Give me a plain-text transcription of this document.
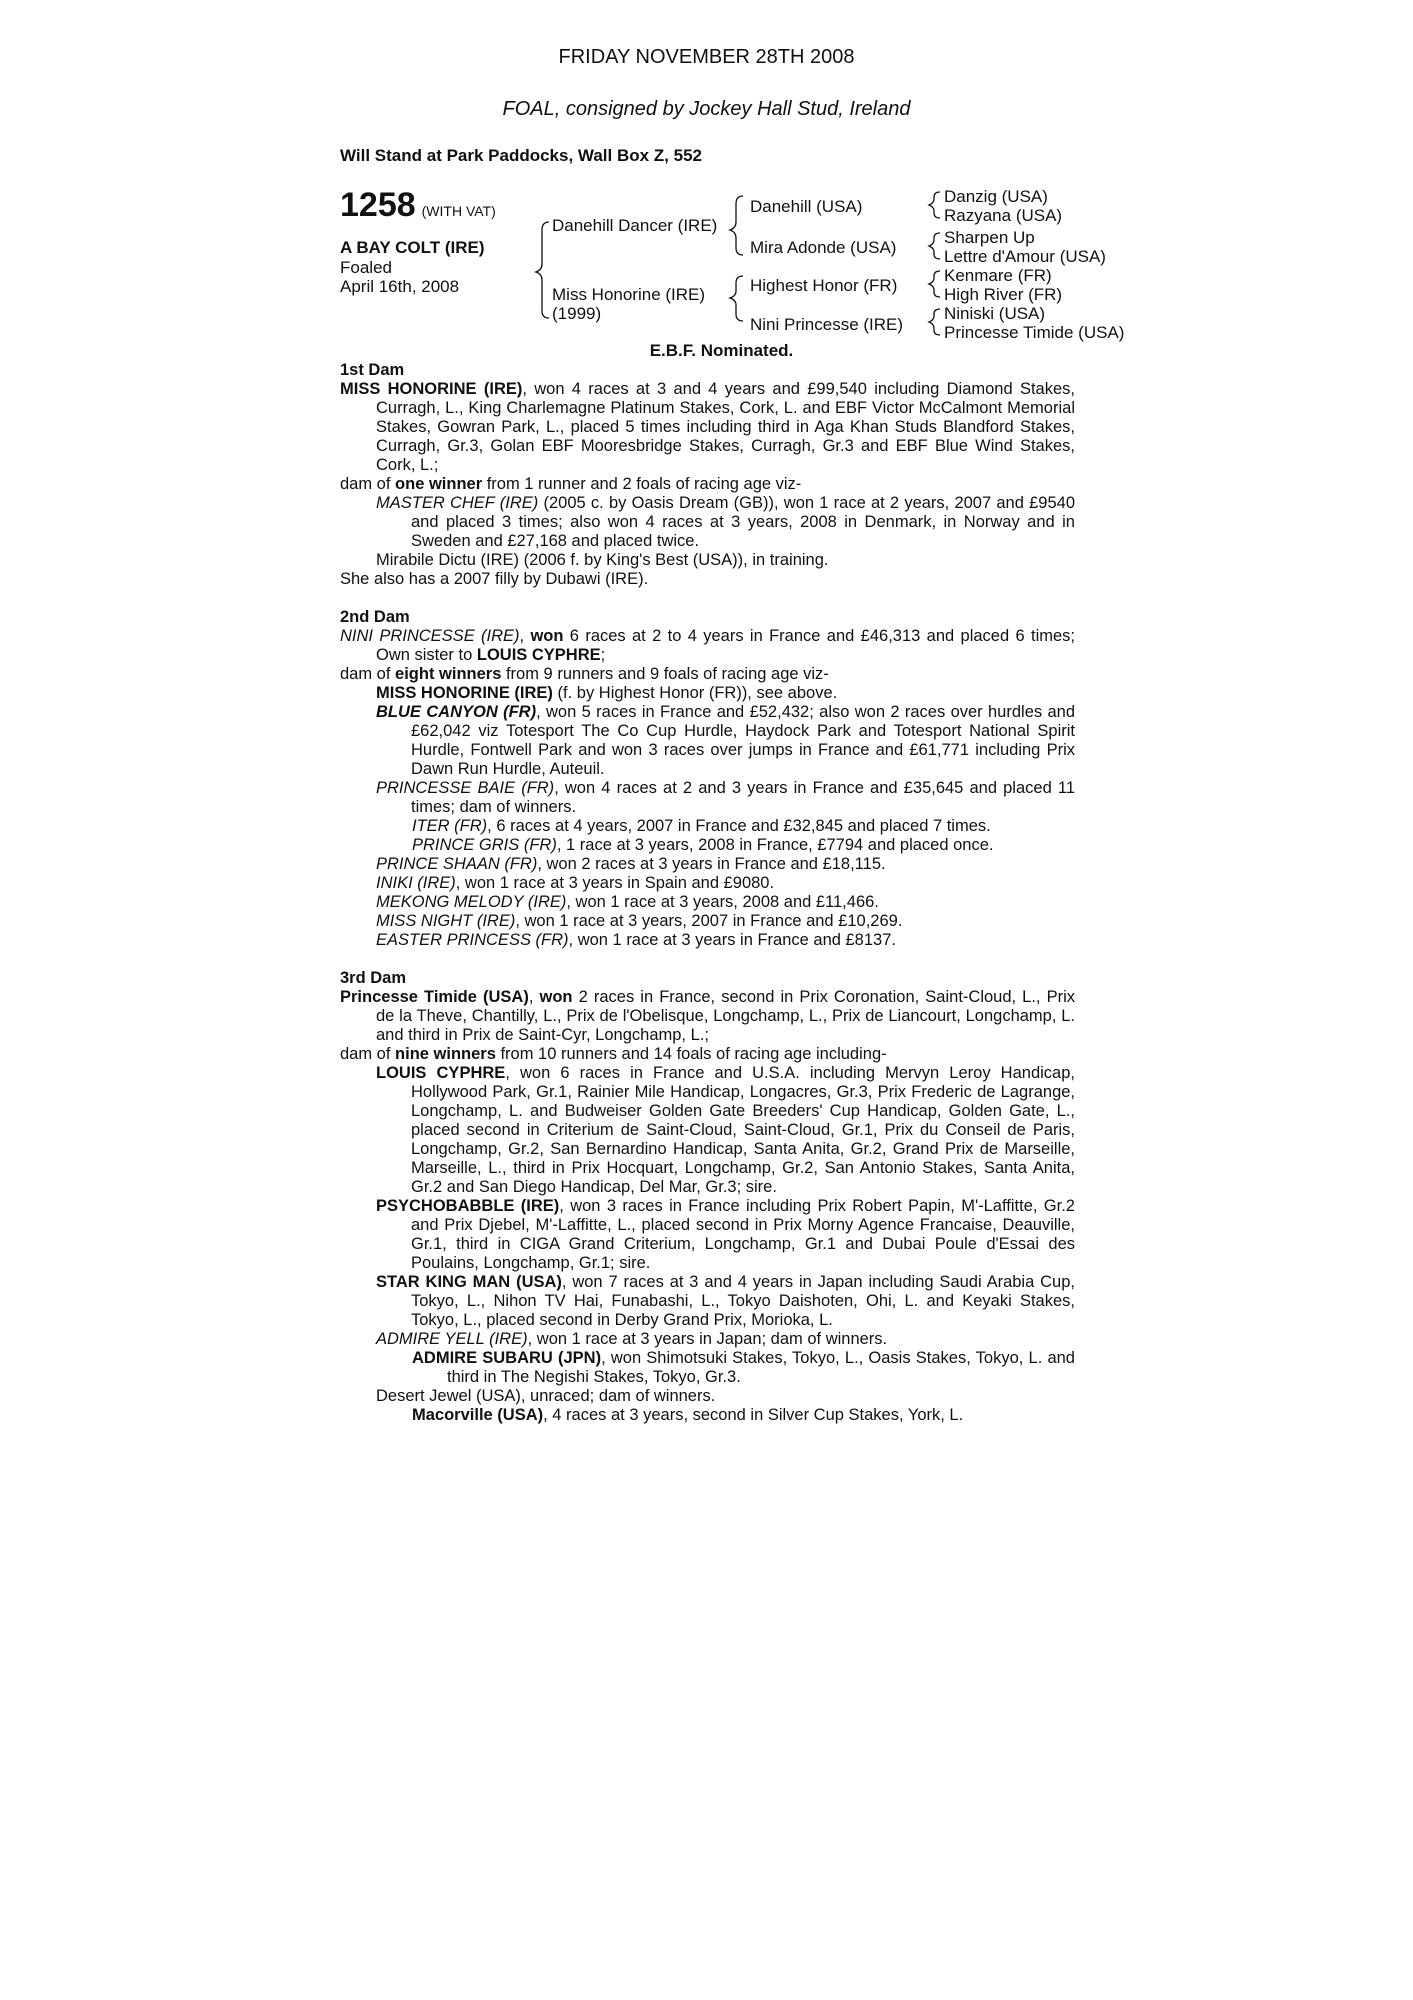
FRIDAY NOVEMBER 28TH 2008
FOAL, consigned by Jockey Hall Stud, Ireland
Will Stand at Park Paddocks, Wall Box Z, 552
1258 (WITH VAT)
A BAY COLT (IRE)
Foaled
April 16th, 2008
Danehill Dancer (IRE)
Miss Honorine (IRE)
(1999)
Danehill (USA)
Mira Adonde (USA)
Highest Honor (FR)
Nini Princesse (IRE)
Danzig (USA)
Razyana (USA)
Sharpen Up
Lettre d'Amour (USA)
Kenmare (FR)
High River (FR)
Niniski (USA)
Princesse Timide (USA)
E.B.F. Nominated.
1st Dam
MISS HONORINE (IRE), won 4 races at 3 and 4 years and £99,540 including Diamond Stakes, Curragh, L., King Charlemagne Platinum Stakes, Cork, L. and EBF Victor McCalmont Memorial Stakes, Gowran Park, L., placed 5 times including third in Aga Khan Studs Blandford Stakes, Curragh, Gr.3, Golan EBF Mooresbridge Stakes, Curragh, Gr.3 and EBF Blue Wind Stakes, Cork, L.;
dam of one winner from 1 runner and 2 foals of racing age viz-
MASTER CHEF (IRE) (2005 c. by Oasis Dream (GB)), won 1 race at 2 years, 2007 and £9540 and placed 3 times; also won 4 races at 3 years, 2008 in Denmark, in Norway and in Sweden and £27,168 and placed twice.
Mirabile Dictu (IRE) (2006 f. by King's Best (USA)), in training.
She also has a 2007 filly by Dubawi (IRE).
2nd Dam
NINI PRINCESSE (IRE), won 6 races at 2 to 4 years in France and £46,313 and placed 6 times; Own sister to LOUIS CYPHRE;
dam of eight winners from 9 runners and 9 foals of racing age viz-
MISS HONORINE (IRE) (f. by Highest Honor (FR)), see above.
BLUE CANYON (FR), won 5 races in France and £52,432; also won 2 races over hurdles and £62,042 viz Totesport The Co Cup Hurdle, Haydock Park and Totesport National Spirit Hurdle, Fontwell Park and won 3 races over jumps in France and £61,771 including Prix Dawn Run Hurdle, Auteuil.
PRINCESSE BAIE (FR), won 4 races at 2 and 3 years in France and £35,645 and placed 11 times; dam of winners.
ITER (FR), 6 races at 4 years, 2007 in France and £32,845 and placed 7 times.
PRINCE GRIS (FR), 1 race at 3 years, 2008 in France, £7794 and placed once.
PRINCE SHAAN (FR), won 2 races at 3 years in France and £18,115.
INIKI (IRE), won 1 race at 3 years in Spain and £9080.
MEKONG MELODY (IRE), won 1 race at 3 years, 2008 and £11,466.
MISS NIGHT (IRE), won 1 race at 3 years, 2007 in France and £10,269.
EASTER PRINCESS (FR), won 1 race at 3 years in France and £8137.
3rd Dam
Princesse Timide (USA), won 2 races in France, second in Prix Coronation, Saint-Cloud, L., Prix de la Theve, Chantilly, L., Prix de l'Obelisque, Longchamp, L., Prix de Liancourt, Longchamp, L. and third in Prix de Saint-Cyr, Longchamp, L.;
dam of nine winners from 10 runners and 14 foals of racing age including-
LOUIS CYPHRE, won 6 races in France and U.S.A. including Mervyn Leroy Handicap, Hollywood Park, Gr.1, Rainier Mile Handicap, Longacres, Gr.3, Prix Frederic de Lagrange, Longchamp, L. and Budweiser Golden Gate Breeders' Cup Handicap, Golden Gate, L., placed second in Criterium de Saint-Cloud, Saint-Cloud, Gr.1, Prix du Conseil de Paris, Longchamp, Gr.2, San Bernardino Handicap, Santa Anita, Gr.2, Grand Prix de Marseille, Marseille, L., third in Prix Hocquart, Longchamp, Gr.2, San Antonio Stakes, Santa Anita, Gr.2 and San Diego Handicap, Del Mar, Gr.3; sire.
PSYCHOBABBLE (IRE), won 3 races in France including Prix Robert Papin, M'-Laffitte, Gr.2 and Prix Djebel, M'-Laffitte, L., placed second in Prix Morny Agence Francaise, Deauville, Gr.1, third in CIGA Grand Criterium, Longchamp, Gr.1 and Dubai Poule d'Essai des Poulains, Longchamp, Gr.1; sire.
STAR KING MAN (USA), won 7 races at 3 and 4 years in Japan including Saudi Arabia Cup, Tokyo, L., Nihon TV Hai, Funabashi, L., Tokyo Daishoten, Ohi, L. and Keyaki Stakes, Tokyo, L., placed second in Derby Grand Prix, Morioka, L.
ADMIRE YELL (IRE), won 1 race at 3 years in Japan; dam of winners.
ADMIRE SUBARU (JPN), won Shimotsuki Stakes, Tokyo, L., Oasis Stakes, Tokyo, L. and third in The Negishi Stakes, Tokyo, Gr.3.
Desert Jewel (USA), unraced; dam of winners.
Macorville (USA), 4 races at 3 years, second in Silver Cup Stakes, York, L.
